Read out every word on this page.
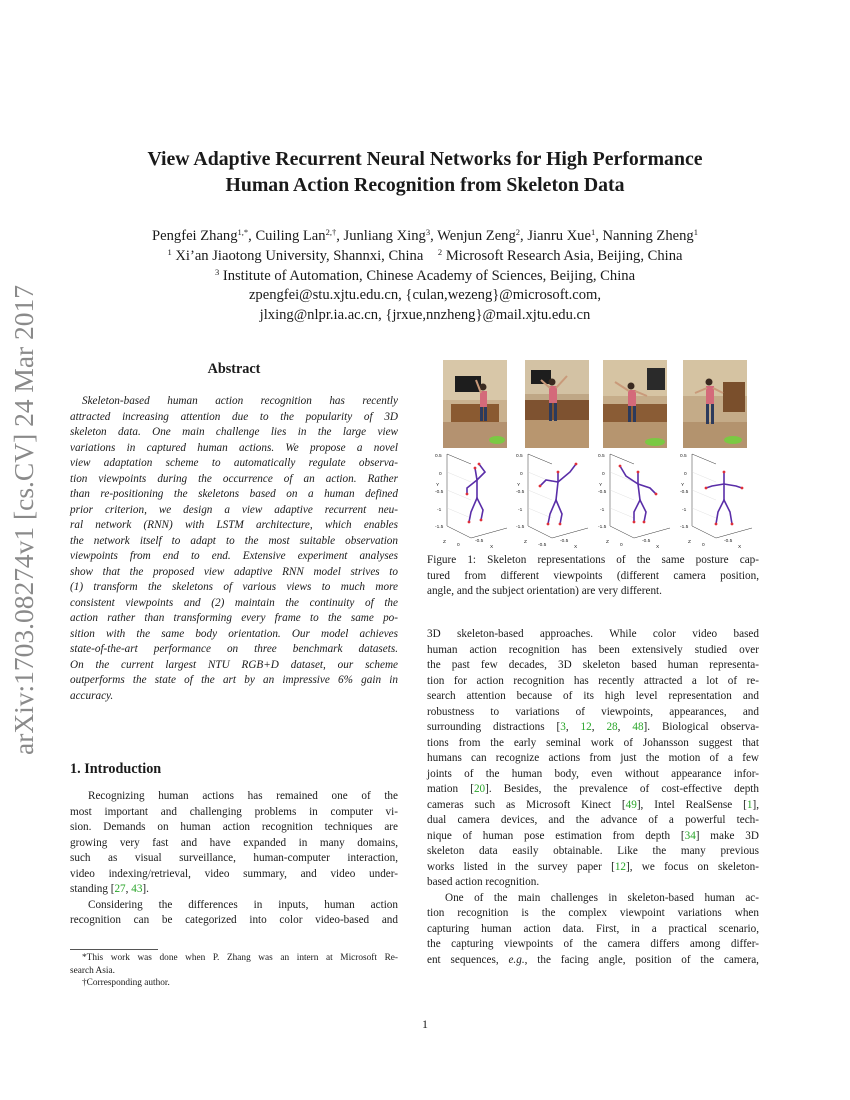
arXiv:1703.08274v1 [cs.CV] 24 Mar 2017
View Adaptive Recurrent Neural Networks for High Performance
Human Action Recognition from Skeleton Data
Pengfei Zhang$^{1,*}$, Cuiling Lan$^{2,\dagger}$, Junliang Xing$^3$, Wenjun Zeng$^2$, Jianru Xue$^1$, Nanning Zheng$^1$
$^1$ Xi’an Jiaotong University, Shannxi, China $^2$ Microsoft Research Asia, Beijing, China
$^3$ Institute of Automation, Chinese Academy of Sciences, Beijing, China
zpengfei@stu.xjtu.edu.cn, {culan,wezeng}@microsoft.com,
jlxing@nlpr.ia.ac.cn, {jrxue,nnzheng}@mail.xjtu.edu.cn
Abstract
Skeleton-based human action recognition has recently
attracted increasing attention due to the popularity of 3D
skeleton data. One main challenge lies in the large view
variations in captured human actions. We propose a novel
view adaptation scheme to automatically regulate observa-
tion viewpoints during the occurrence of an action. Rather
than re-positioning the skeletons based on a human defined
prior criterion, we design a view adaptive recurrent neu-
ral network (RNN) with LSTM architecture, which enables
the network itself to adapt to the most suitable observation
viewpoints from end to end. Extensive experiment analyses
show that the proposed view adaptive RNN model strives to
(1) transform the skeletons of various views to much more
consistent viewpoints and (2) maintain the continuity of the
action rather than transforming every frame to the same po-
sition with the same body orientation. Our model achieves
state-of-the-art performance on three benchmark datasets.
On the current largest NTU RGB+D dataset, our scheme
outperforms the state of the art by an impressive 6% gain in
accuracy.
1. Introduction
Recognizing human actions has remained one of the
most important and challenging problems in computer vi-
sion. Demands on human action recognition techniques are
growing very fast and have expanded in many domains,
such as visual surveillance, human-computer interaction,
video indexing/retrieval, video summary, and video under-
standing [27, 43].
Considering the differences in inputs, human action
recognition can be categorized into color video-based and
*This work was done when P. Zhang was an intern at Microsoft Re-
search Asia.
†Corresponding author.
0.5
0
-0.5
-1
-1.5
Y
0
Z	-0.5
X
0.5
0
-0.5
-1
-1.5
Y
-0.5
Z	-0.5
X
0.5
0
-0.5
-1
-1.5
Y
0
Z	-0.5
X
0.5
0
-0.5
-1
-1.5
Y
0
Z	-0.5
X
Figure 1: Skeleton representations of the same posture cap-
tured from different viewpoints (different camera position,
angle, and the subject orientation) are very different.
3D skeleton-based approaches. While color video based
human action recognition has been extensively studied over
the past few decades, 3D skeleton based human representa-
tion for action recognition has recently attracted a lot of re-
search attention because of its high level representation and
robustness to variations of viewpoints, appearances, and
surrounding distractions [3, 12, 28, 48]. Biological observa-
tions from the early seminal work of Johansson suggest that
humans can recognize actions from just the motion of a few
joints of the human body, even without appearance infor-
mation [20]. Besides, the prevalence of cost-effective depth
cameras such as Microsoft Kinect [49], Intel RealSense [1],
dual camera devices, and the advance of a powerful tech-
nique of human pose estimation from depth [34] make 3D
skeleton data easily obtainable. Like the many previous
works listed in the survey paper [12], we focus on skeleton-
based action recognition.
One of the main challenges in skeleton-based human ac-
tion recognition is the complex viewpoint variations when
capturing human action data. First, in a practical scenario,
the capturing viewpoints of the camera differs among differ-
ent sequences, e.g., the facing angle, position of the camera,
1
